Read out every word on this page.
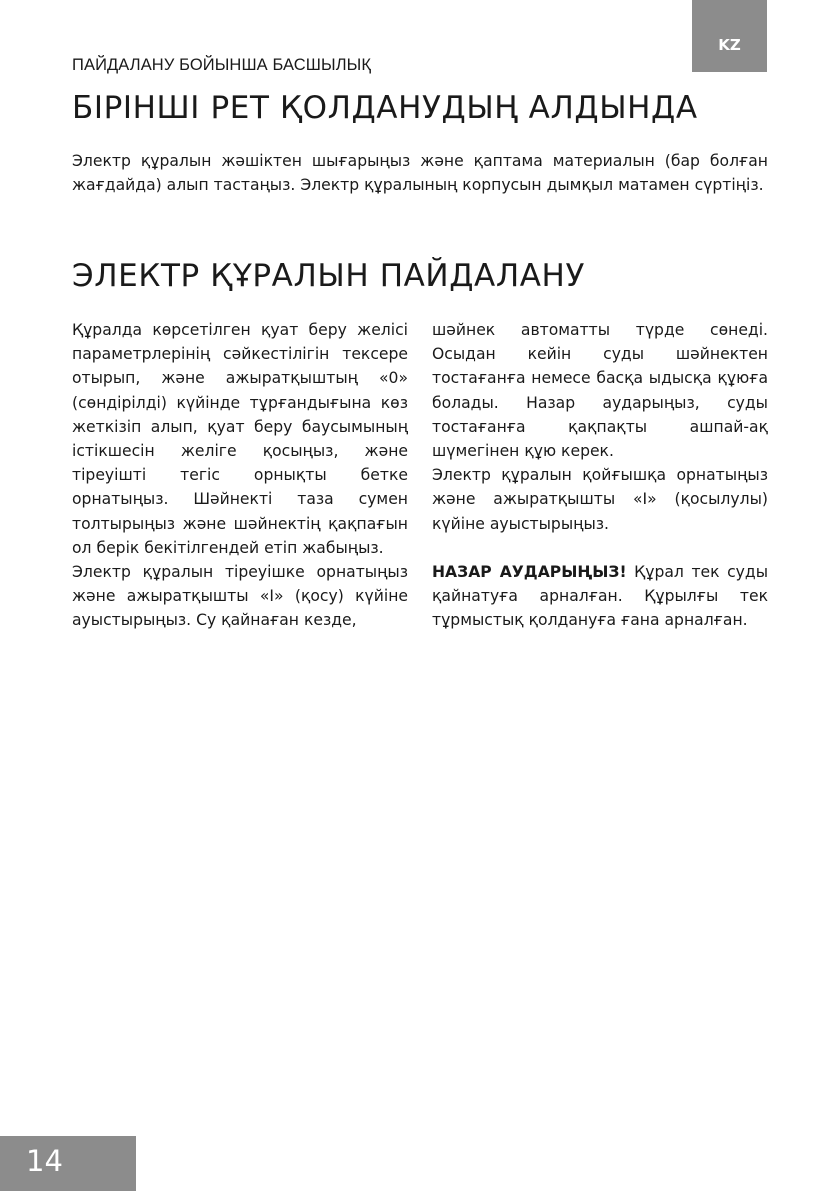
ПАЙДАЛАНУ БОЙЫНША БАСШЫЛЫҚ
KZ
БІРІНШІ РЕТ ҚОЛДАНУДЫҢ АЛДЫНДА

Электр құралын жәшіктен шығарыңыз және қаптама материалын (бар болған жағдайда) алып тастаңыз. Электр құралының корпусын дымқыл матамен сүртіңіз.

ЭЛЕКТР ҚҰРАЛЫН ПАЙДАЛАНУ

Құралда көрсетілген қуат беру желісі параметрлерінің сәйкестілігін тексере отырып, және ажыратқыштың «0» (сөндірілді) күйінде тұрғандығына көз жеткізіп алып, қуат беру баусымының істікшесін желіге қосыңыз, және тіреуішті тегіс орнықты бетке орнатыңыз. Шәйнекті таза сумен толтырыңыз және шәйнектің қақпағын ол берік бекітілгендей етіп жабыңыз.

Электр құралын тіреуішке орнатыңыз және ажыратқышты «I» (қосу) күйіне ауыстырыңыз. Су қайнаған кезде,

шәйнек автоматты түрде сөнеді. Осыдан кейін суды шәйнектен тостағанға немесе басқа ыдысқа құюға болады. Назар аударыңыз, суды тостағанға қақпақты ашпай-ақ шүмегінен құю керек.

Электр құралын қойғышқа орнатыңыз және ажыратқышты «I» (қосылулы) күйіне ауыстырыңыз.

НАЗАР АУДАРЫҢЫЗ! Құрал тек суды қайнатуға арналған. Құрылғы тек тұрмыстық қолдануға ғана арналған.

14
